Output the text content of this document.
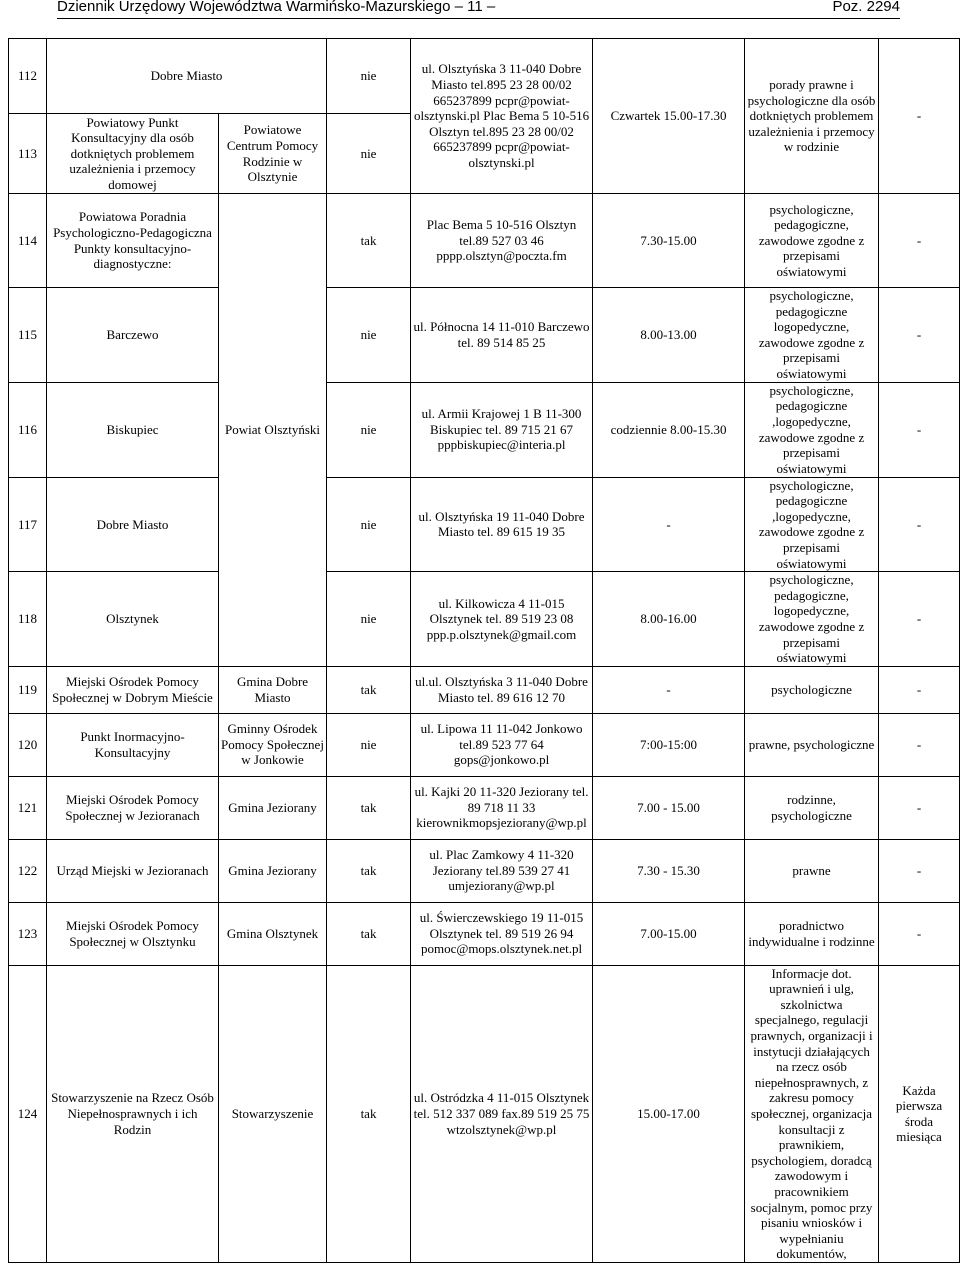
Dziennik Urzędowy Województwa Warmińsko-Mazurskiego – 11 –	Poz. 2294
112	Dobre Miasto		nie	ul. Olsztyńska 3 11-040 Dobre Miasto tel.895 23 28 00/02 665237899 pcpr@powiat-olsztynski.pl Plac Bema 5 10-516 Olsztyn tel.895 23 28 00/02 665237899 pcpr@powiat-olsztynski.pl	Czwartek 15.00-17.30	porady prawne i psychologiczne dla osób dotkniętych problemem uzależnienia i przemocy w rodzinie	-
113	Powiatowy Punkt Konsultacyjny dla osób dotkniętych problemem uzależnienia i przemocy domowej	Powiatowe Centrum Pomocy Rodzinie w Olsztynie	nie				
114	Powiatowa Poradnia Psychologiczno-Pedagogiczna Punkty konsultacyjno-diagnostyczne:	Powiat Olsztyński	tak	Plac Bema 5 10-516 Olsztyn tel.89 527 03 46 pppp.olsztyn@poczta.fm	7.30-15.00	psychologiczne, pedagogiczne, zawodowe zgodne z przepisami oświatowymi	-
115	Barczewo		nie	ul. Północna 14 11-010 Barczewo tel. 89 514 85 25	8.00-13.00	psychologiczne, pedagogiczne logopedyczne, zawodowe zgodne z przepisami oświatowymi	-
116	Biskupiec		nie	ul. Armii Krajowej 1 B 11-300 Biskupiec tel. 89 715 21 67 pppbiskupiec@interia.pl	codziennie 8.00-15.30	psychologiczne, pedagogiczne ,logopedyczne, zawodowe zgodne z przepisami oświatowymi	-
117	Dobre Miasto		nie	ul. Olsztyńska 19 11-040 Dobre Miasto tel. 89 615 19 35	-	psychologiczne, pedagogiczne ,logopedyczne, zawodowe zgodne z przepisami oświatowymi	-
118	Olsztynek		nie	ul. Kilkowicza 4 11-015 Olsztynek tel. 89 519 23 08 ppp.p.olsztynek@gmail.com	8.00-16.00	psychologiczne, pedagogiczne, logopedyczne, zawodowe zgodne z przepisami oświatowymi	-
119	Miejski Ośrodek Pomocy Społecznej w Dobrym Mieście	Gmina Dobre Miasto	tak	ul.ul. Olsztyńska 3 11-040 Dobre Miasto tel. 89 616 12 70	-	psychologiczne	-
120	Punkt Inormacyjno-Konsultacyjny	Gminny Ośrodek Pomocy Społecznej w Jonkowie	nie	ul. Lipowa 11 11-042 Jonkowo tel.89 523 77 64 gops@jonkowo.pl	7:00-15:00	prawne, psychologiczne	-
121	Miejski Ośrodek Pomocy Społecznej w Jezioranach	Gmina Jeziorany	tak	ul. Kajki 20 11-320 Jeziorany tel. 89 718 11 33 kierownikmopsjeziorany@wp.pl	7.00 - 15.00	rodzinne, psychologiczne	-
122	Urząd Miejski w Jezioranach	Gmina Jeziorany	tak	ul. Plac Zamkowy 4 11-320 Jeziorany tel.89 539 27 41 umjeziorany@wp.pl	7.30 - 15.30	prawne	-
123	Miejski Ośrodek Pomocy Społecznej w Olsztynku	Gmina Olsztynek	tak	ul. Świerczewskiego 19 11-015 Olsztynek tel. 89 519 26 94 pomoc@mops.olsztynek.net.pl	7.00-15.00	poradnictwo indywidualne i rodzinne	-
124	Stowarzyszenie na Rzecz Osób Niepełnosprawnych i ich Rodzin	Stowarzyszenie	tak	ul. Ostródzka 4 11-015 Olsztynek tel. 512 337 089 fax.89 519 25 75 wtzolsztynek@wp.pl	15.00-17.00	Informacje dot. uprawnień i ulg, szkolnictwa specjalnego, regulacji prawnych, organizacji i instytucji działających na rzecz osób niepełnosprawnych, z zakresu pomocy społecznej, organizacja konsultacji z prawnikiem, psychologiem, doradcą zawodowym i pracownikiem socjalnym, pomoc przy pisaniu wniosków i wypełnianiu dokumentów,	Każda pierwsza środa miesiąca
